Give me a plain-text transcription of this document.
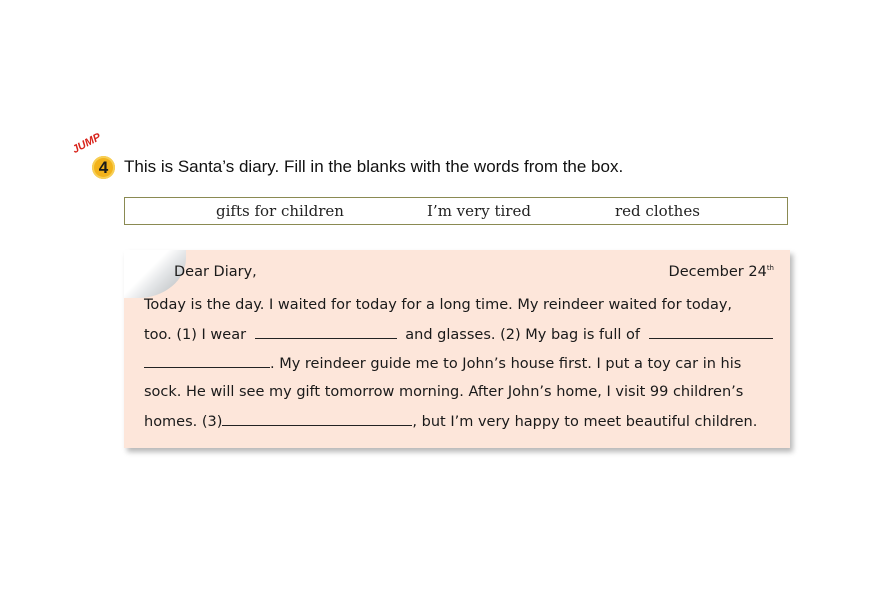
JUMP
4 This is Santa’s diary. Fill in the blanks with the words from the box.
gifts for children	I’m very tired	red clothes
Dear Diary,	December 24th
Today is the day. I waited for today for a long time. My reindeer waited for today,
too. (1) I wear	and glasses. (2) My bag is full of
. My reindeer guide me to John’s house first. I put a toy car in his
sock. He will see my gift tomorrow morning. After John’s home, I visit 99 children’s
homes. (3)	, but I’m very happy to meet beautiful children.
